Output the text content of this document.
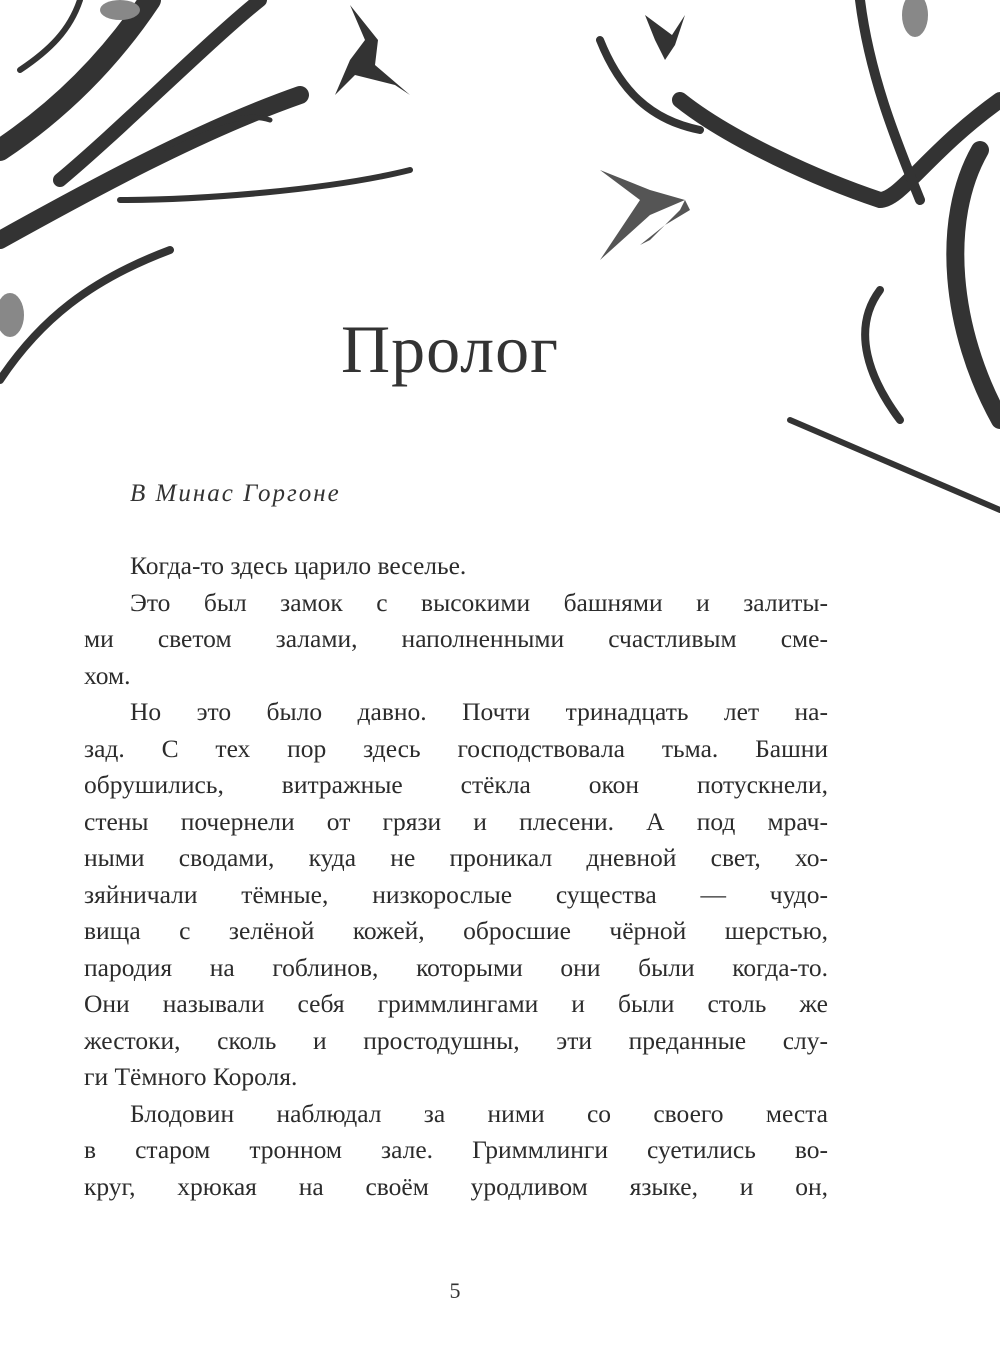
Пролог
В Минас Горгоне
Когда-то здесь царило веселье.
Это был замок с высокими башнями и залиты-
ми светом залами, наполненными счастливым сме-
хом.
Но это было давно. Почти тринадцать лет на-
зад. С тех пор здесь господствовала тьма. Башни
обрушились, витражные стёкла окон потускнели,
стены почернели от грязи и плесени. А под мрач-
ными сводами, куда не проникал дневной свет, хо-
зяйничали тёмные, низкорослые существа — чудо-
вища с зелёной кожей, обросшие чёрной шерстью,
пародия на гоблинов, которыми они были когда-то.
Они называли себя гриммлингами и были столь же
жестоки, сколь и простодушны, эти преданные слу-
ги Тёмного Короля.
Блодовин наблюдал за ними со своего места
в старом тронном зале. Гриммлинги суетились во-
круг, хрюкая на своём уродливом языке, и он,
5
